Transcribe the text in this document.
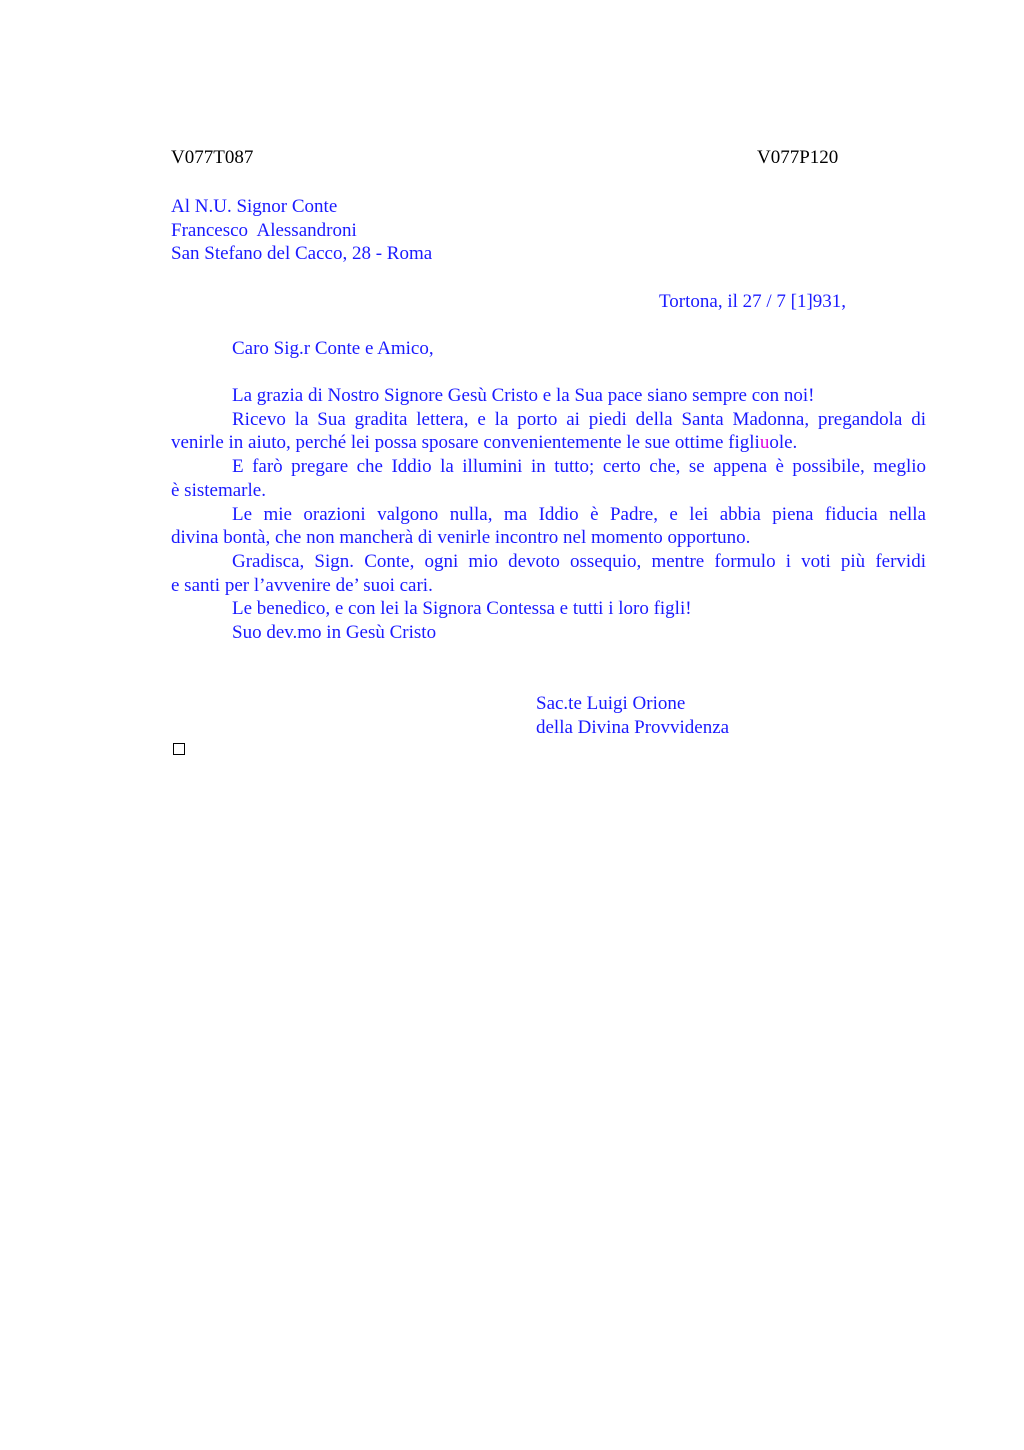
V077T087	V077P120
Al N.U. Signor Conte
Francesco  Alessandroni
San Stefano del Cacco, 28 - Roma
Tortona, il 27 / 7 [1]931,
Caro Sig.r Conte e Amico,

La grazia di Nostro Signore Gesù Cristo e la Sua pace siano sempre con noi!

Ricevo la Sua gradita lettera, e la porto ai piedi della Santa Madonna, pregandola di
venirle in aiuto, perché lei possa sposare convenientemente le sue ottime figliuole.

E farò pregare che Iddio la illumini in tutto; certo che, se appena è possibile, meglio
è sistemarle.

Le mie orazioni valgono nulla, ma Iddio è Padre, e lei abbia piena fiducia nella
divina bontà, che non mancherà di venirle incontro nel momento opportuno.

Gradisca, Sign. Conte, ogni mio devoto ossequio, mentre formulo i voti più fervidi
e santi per l’avvenire de’ suoi cari.

Le benedico, e con lei la Signora Contessa e tutti i loro figli!

Suo dev.mo in Gesù Cristo

Sac.te Luigi Orione
della Divina Provvidenza
